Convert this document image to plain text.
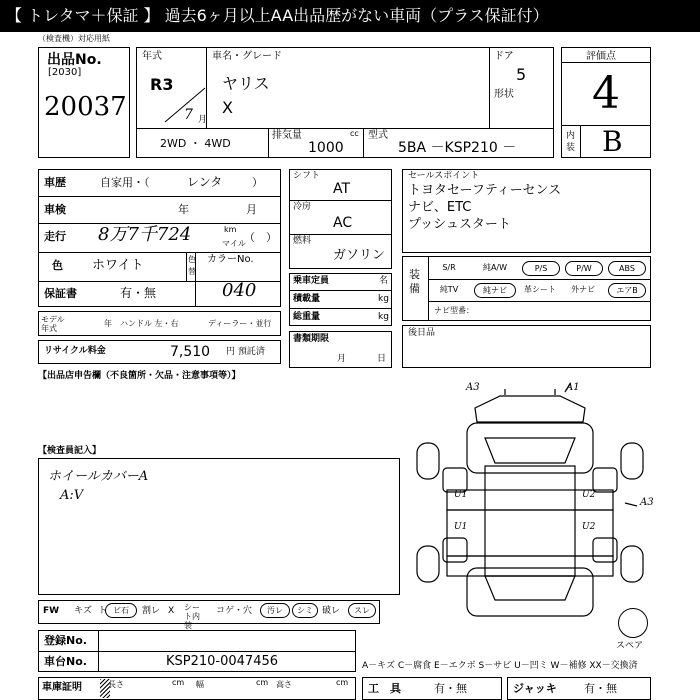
【 トレタマ＋保証 】 過去6ヶ月以上AA出品歴がない車両（プラス保証付）
（検査機）対応用紙
出品No.
[2030]
20037
年式
R3
7 月
車名・グレード
ヤリス
X
ドア
5
形状
2WD ・ 4WD
排気量	cc
1000
型式
5BA －KSP210 －
評価点
4
内装 B
車歴	自家用・（	レンタ	）
車検	年	月
走行 8万7千724	km
マイル
（　）
色 ホワイト	色替
カラーNo.
040
保証書	有・無
モデル年式
年 ハンドル 左・右	ディーラー・並行
リサイクル料金	7,510 円 預託済
シフト
AT
冷房
AC
燃料
ガソリン
乗車定員	名
積載量	kg
総重量	kg
書類期限
月	日
セールスポイント
トヨタセーフティーセンス
ナビ、ETC
プッシュスタート
装備
S/R	純A/W	P/S	P/W	ABS
純TV	純ナビ	革シート	外ナビ	エアB
ナビ型番：
後日品
【出品店申告欄（不良箇所・欠品・注意事項等）】
【検査員記入】
ホイールカバーA
A:V
A3	A1
U1	U2
U1	U2
A3
スペア
FW キズ ト ビ石	割レ X シート内装
コゲ・穴	汚レ	シミ	破レ	スレ
登録No.
車台No.	KSP210-0047456	A－キズ C－腐食 E－エクボ S－サビ U－凹ミ W－補修 XX－交換済
車庫証明	長さ	cm 幅	cm 高さ	cm 工　具	有・無	ジャッキ 有・無
